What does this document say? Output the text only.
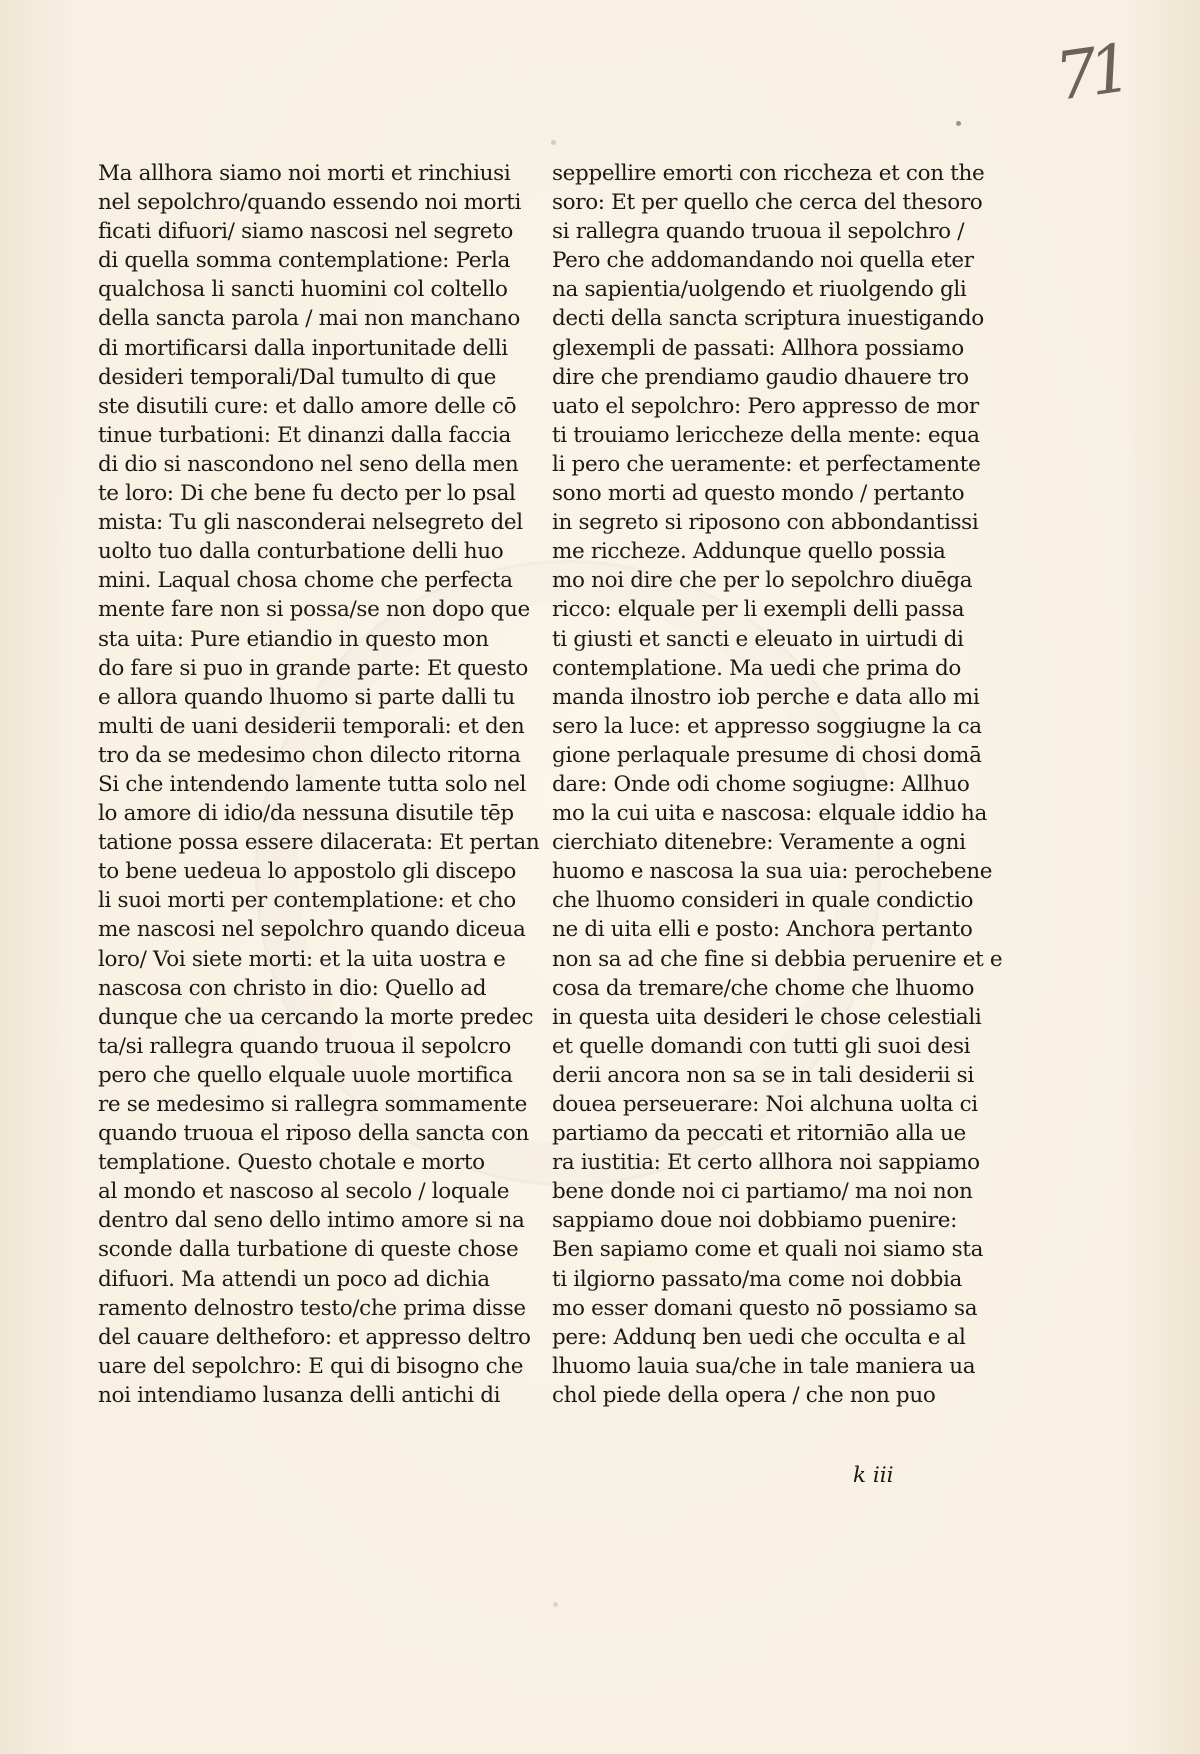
71
Ma allhora siamo noi morti et rinchiusi
nel sepolchro/quando essendo noi morti
ficati difuori/ siamo nascosi nel segreto
di quella somma contemplatione: Perla
qualchosa li sancti huomini col coltello
della sancta parola / mai non manchano
di mortificarsi dalla inportunitade delli
desideri temporali/Dal tumulto di que
ste disutili cure: et dallo amore delle cō
tinue turbationi: Et dinanzi dalla faccia
di dio si nascondono nel seno della men
te loro: Di che bene fu decto per lo psal
mista: Tu gli nasconderai nelsegreto del
uolto tuo dalla conturbatione delli huo
mini. Laqual chosa chome che perfecta
mente fare non si possa/se non dopo que
sta uita: Pure etiandio in questo mon
do fare si puo in grande parte: Et questo
e allora quando lhuomo si parte dalli tu
multi de uani desiderii temporali: et den
tro da se medesimo chon dilecto ritorna
Si che intendendo lamente tutta solo nel
lo amore di idio/da nessuna disutile tēp
tatione possa essere dilacerata: Et pertan
to bene uedeua lo appostolo gli discepo
li suoi morti per contemplatione: et cho
me nascosi nel sepolchro quando diceua
loro/ Voi siete morti: et la uita uostra e
nascosa con christo in dio: Quello ad
dunque che ua cercando la morte predec
ta/si rallegra quando truoua il sepolcro
pero che quello elquale uuole mortifica
re se medesimo si rallegra sommamente
quando truoua el riposo della sancta con
templatione. Questo chotale e morto
al mondo et nascoso al secolo / loquale
dentro dal seno dello intimo amore si na
sconde dalla turbatione di queste chose
difuori. Ma attendi un poco ad dichia
ramento delnostro testo/che prima disse
del cauare deltheforo: et appresso deltro
uare del sepolchro: E qui di bisogno che
noi intendiamo lusanza delli antichi di
seppellire emorti con riccheza et con the
soro: Et per quello che cerca del thesoro
si rallegra quando truoua il sepolchro /
Pero che addomandando noi quella eter
na sapientia/uolgendo et riuolgendo gli
decti della sancta scriptura inuestigando
glexempli de passati: Allhora possiamo
dire che prendiamo gaudio dhauere tro
uato el sepolchro: Pero appresso de mor
ti trouiamo lericcheze della mente: equa
li pero che ueramente: et perfectamente
sono morti ad questo mondo / pertanto
in segreto si riposono con abbondantissi
me riccheze. Addunque quello possia
mo noi dire che per lo sepolchro diuēga
ricco: elquale per li exempli delli passa
ti giusti et sancti e eleuato in uirtudi di
contemplatione. Ma uedi che prima do
manda ilnostro iob perche e data allo mi
sero la luce: et appresso soggiugne la ca
gione perlaquale presume di chosi domā
dare: Onde odi chome sogiugne: Allhuo
mo la cui uita e nascosa: elquale iddio ha
cierchiato ditenebre: Veramente a ogni
huomo e nascosa la sua uia: perochebene
che lhuomo consideri in quale condictio
ne di uita elli e posto: Anchora pertanto
non sa ad che fine si debbia peruenire et e
cosa da tremare/che chome che lhuomo
in questa uita desideri le chose celestiali
et quelle domandi con tutti gli suoi desi
derii ancora non sa se in tali desiderii si
douea perseuerare: Noi alchuna uolta ci
partiamo da peccati et ritorniāo alla ue
ra iustitia: Et certo allhora noi sappiamo
bene donde noi ci partiamo/ ma noi non
sappiamo doue noi dobbiamo puenire:
Ben sapiamo come et quali noi siamo sta
ti ilgiorno passato/ma come noi dobbia
mo esser domani questo nō possiamo sa
pere: Addunq ben uedi che occulta e al
lhuomo lauia sua/che in tale maniera ua
chol piede della opera / che non puo
k iii
